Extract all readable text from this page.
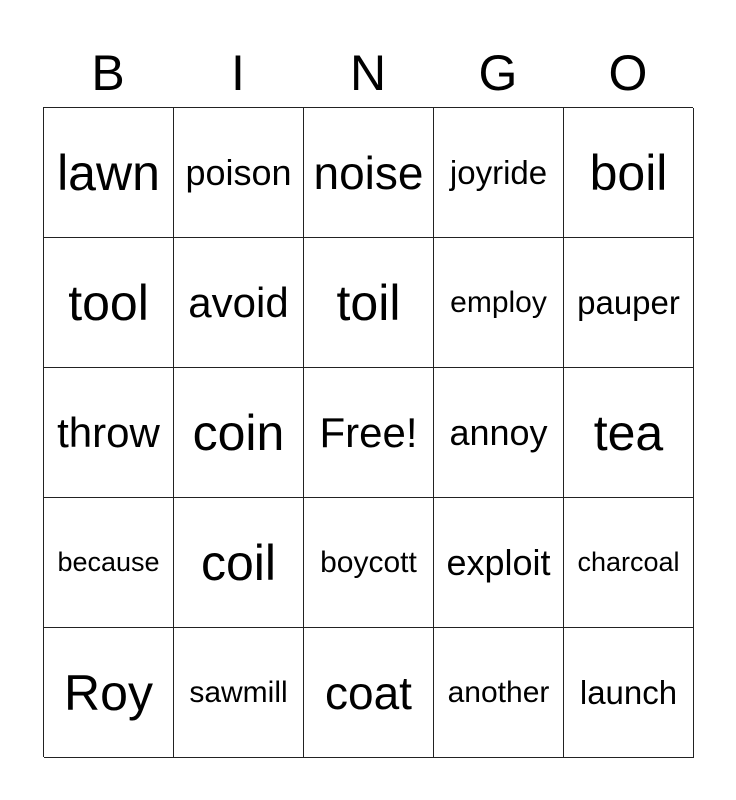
B	I	N	G	O
lawn poison noise joyride boil
tool avoid toil	employ pauper
throw coin Free! annoy tea
because coil	boycott exploit charcoal
Roy	sawmill coat	another launch
